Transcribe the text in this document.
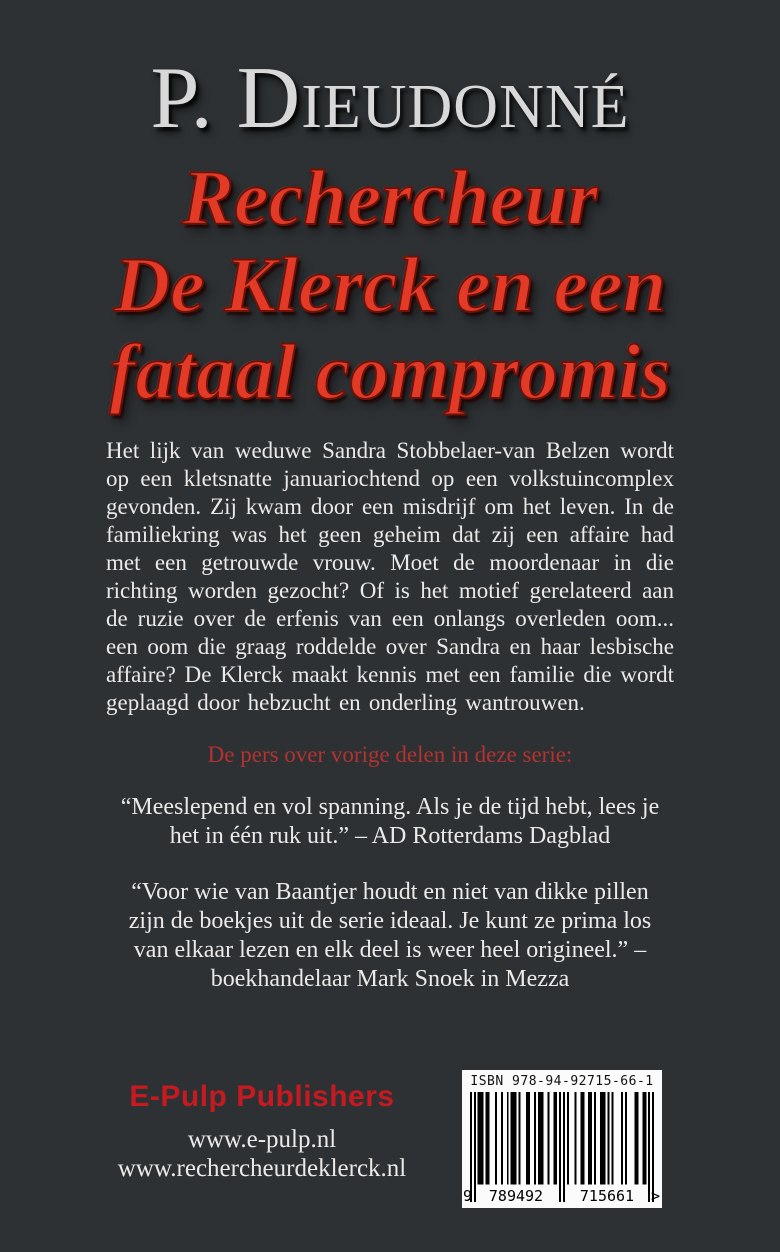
P. Dieudonné
Rechercheur
De Klerck en een
fataal compromis

Het lijk van weduwe Sandra Stobbelaer-van Belzen wordt op een kletsnatte januariochtend op een volkstuincomplex gevonden. Zij kwam door een misdrijf om het leven. In de familiekring was het geen geheim dat zij een affaire had met een getrouwde vrouw. Moet de moordenaar in die richting worden gezocht? Of is het motief gerelateerd aan de ruzie over de erfenis van een onlangs overleden oom... een oom die graag roddelde over Sandra en haar lesbische affaire? De Klerck maakt kennis met een familie die wordt geplaagd door hebzucht en onderling wantrouwen.

De pers over vorige delen in deze serie:
“Meeslepend en vol spanning. Als je de tijd hebt, lees je
het in één ruk uit.” – AD Rotterdams Dagblad
“Voor wie van Baantjer houdt en niet van dikke pillen
zijn de boekjes uit de serie ideaal. Je kunt ze prima los
van elkaar lezen en elk deel is weer heel origineel.” –
boekhandelaar Mark Snoek in Mezza
E-Pulp Publishers
www.e-pulp.nl
www.rechercheurdeklerck.nl
ISBN 978-94-92715-66-1
9 789492 715661 >
